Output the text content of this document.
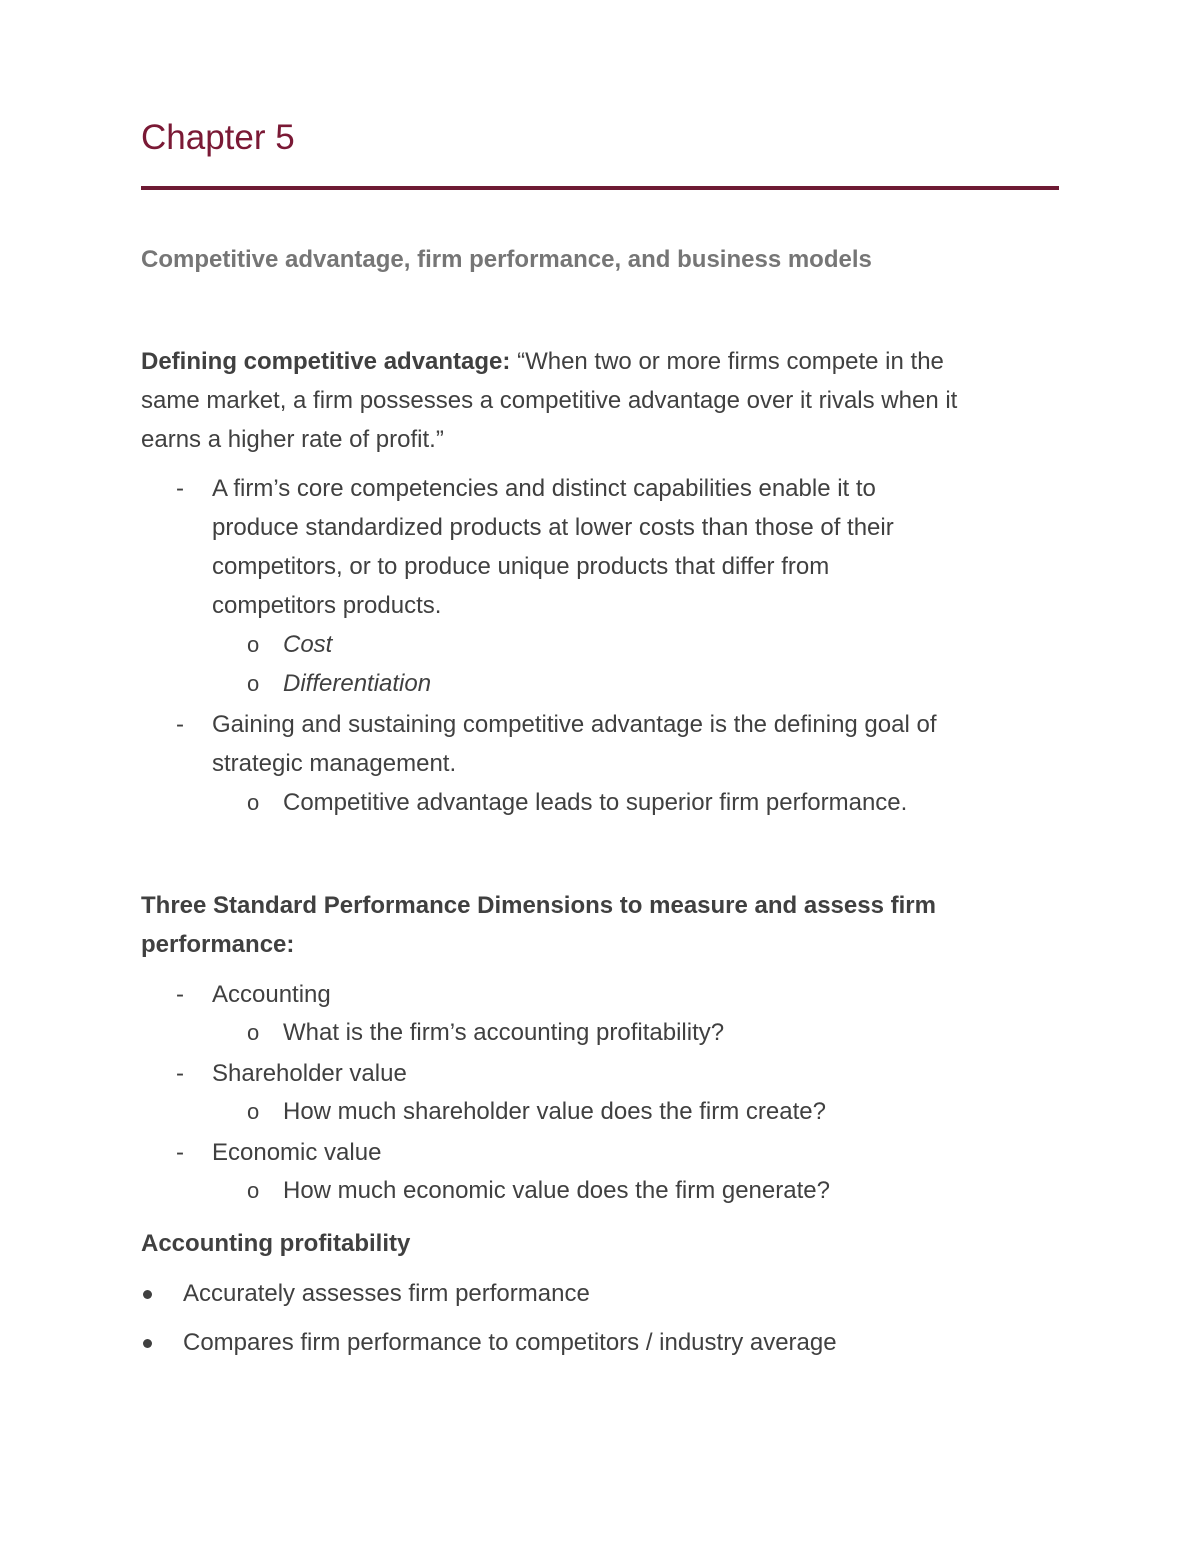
Chapter 5
Competitive advantage, firm performance, and business models
Defining competitive advantage: “When two or more firms compete in the
same market, a firm possesses a competitive advantage over it rivals when it
earns a higher rate of profit.”
- A firm’s core competencies and distinct capabilities enable it to
produce standardized products at lower costs than those of their
competitors, or to produce unique products that differ from
competitors products.
o Cost
o Differentiation
- Gaining and sustaining competitive advantage is the defining goal of
strategic management.
o Competitive advantage leads to superior firm performance.
Three Standard Performance Dimensions to measure and assess firm
performance:
- Accounting
o What is the firm’s accounting profitability?
- Shareholder value
o How much shareholder value does the firm create?
- Economic value
o How much economic value does the firm generate?
Accounting profitability
Accurately assesses firm performance
Compares firm performance to competitors / industry average
